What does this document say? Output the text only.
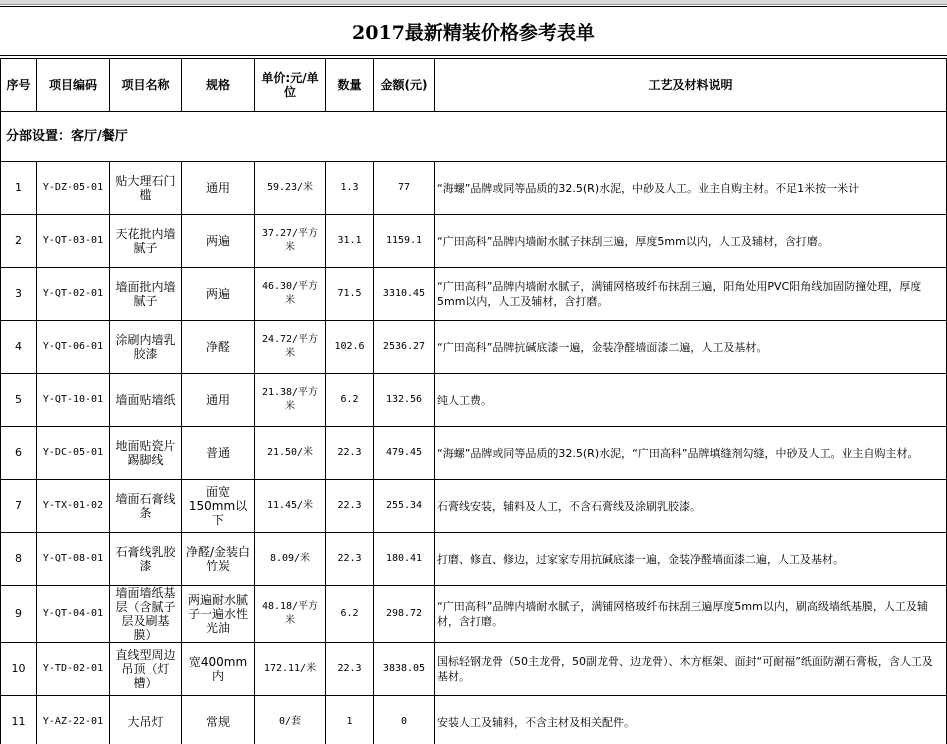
2017最新精装价格参考表单
序号	项目编码	项目名称	规格	单价:元/单位	数量	金额(元)	工艺及材料说明
分部设置：客厅/餐厅							
1	Y-DZ-05-01	贴大理石门槛	通用	59.23/米	1.3	77	“海螺”品牌或同等品质的32.5(R)水泥，中砂及人工。业主自购主材。不足1米按一米计
2	Y-QT-03-01	天花批内墙腻子	两遍	37.27/平方米	31.1	1159.1	“广田高科”品牌内墙耐水腻子抹刮三遍，厚度5mm以内，人工及辅材，含打磨。
3	Y-QT-02-01	墙面批内墙腻子	两遍	46.30/平方米	71.5	3310.45	“广田高科”品牌内墙耐水腻子，满铺网格玻纤布抹刮三遍，阳角处用PVC阳角线加固防撞处理，厚度5mm以内，人工及辅材，含打磨。
4	Y-QT-06-01	涂刷内墙乳胶漆	净醛	24.72/平方米	102.6	2536.27	“广田高科”品牌抗碱底漆一遍，金装净醛墙面漆二遍，人工及基材。
5	Y-QT-10-01	墙面贴墙纸	通用	21.38/平方米	6.2	132.56	纯人工费。
6	Y-DC-05-01	地面贴瓷片踢脚线	普通	21.50/米	22.3	479.45	“海螺”品牌或同等品质的32.5(R)水泥，“广田高科”品牌填缝剂勾缝，中砂及人工。业主自购主材。
7	Y-TX-01-02	墙面石膏线条	面宽150mm以下	11.45/米	22.3	255.34	石膏线安装，辅料及人工，不含石膏线及涂刷乳胶漆。
8	Y-QT-08-01	石膏线乳胶漆	净醛/金装白竹炭	8.09/米	22.3	180.41	打磨、修直、修边，过家家专用抗碱底漆一遍，金装净醛墙面漆二遍，人工及基材。
9	Y-QT-04-01	墙面墙纸基层（含腻子层及刷基膜）	两遍耐水腻子一遍水性光油	48.18/平方米	6.2	298.72	“广田高科”品牌内墙耐水腻子，满铺网格玻纤布抹刮三遍厚度5mm以内，刷高级墙纸基膜，人工及辅材，含打磨。
10	Y-TD-02-01	直线型周边吊顶（灯槽）	宽400mm内	172.11/米	22.3	3838.05	国标轻钢龙骨（50主龙骨，50副龙骨、边龙骨）、木方框架、面封“可耐福”纸面防潮石膏板，含人工及基材。
11	Y-AZ-22-01	大吊灯	常规	0/套	1	0	安装人工及辅料，不含主材及相关配件。
